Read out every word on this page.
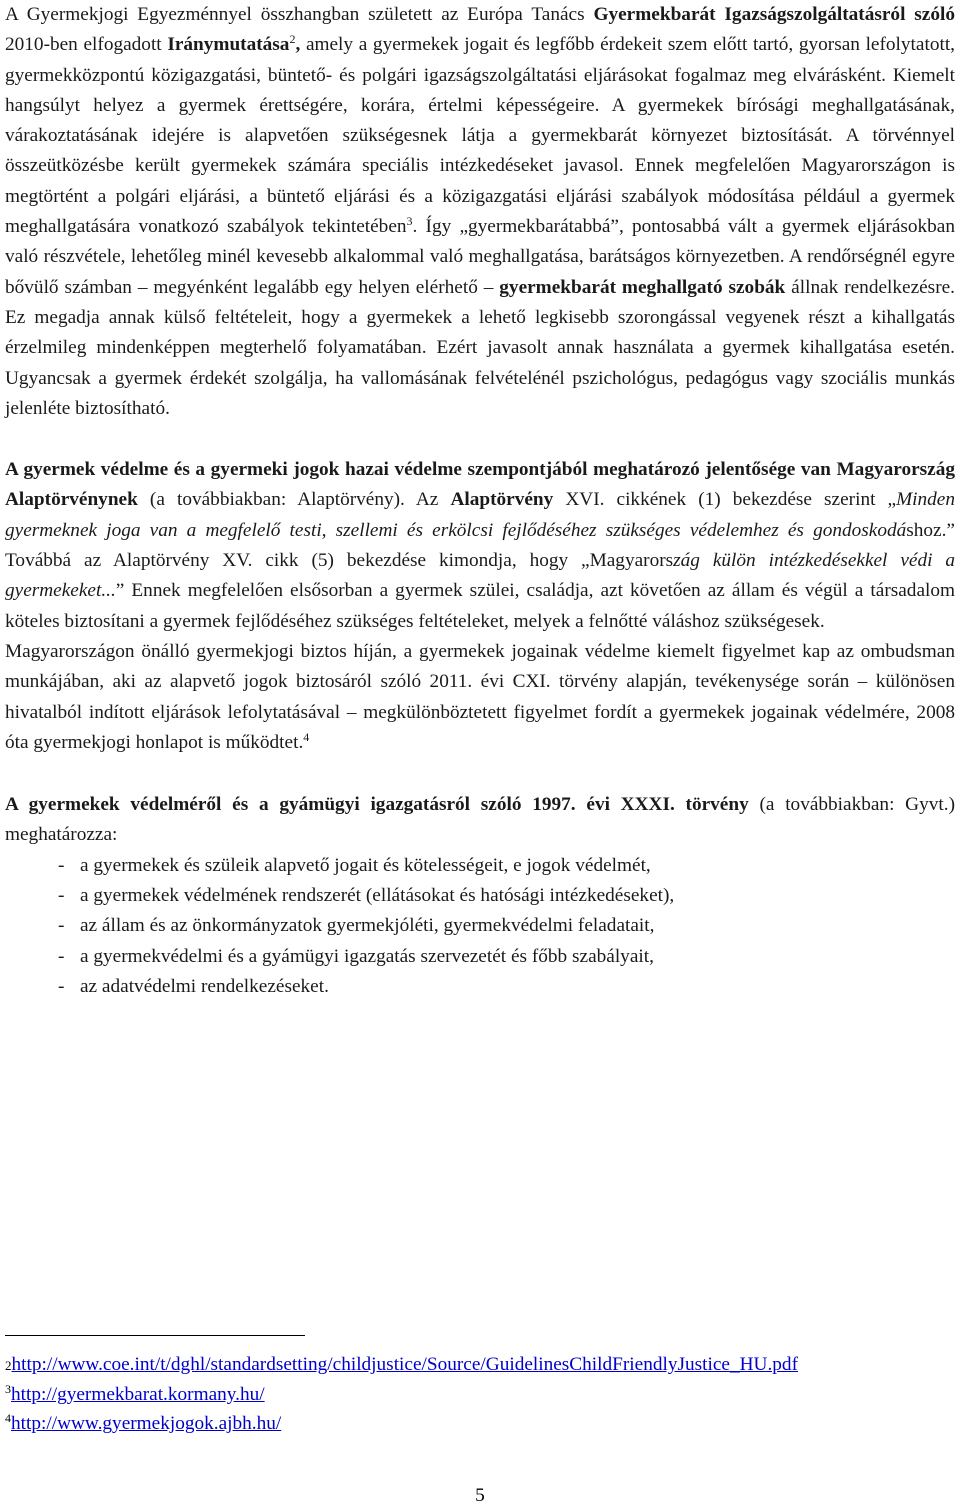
A Gyermekjogi Egyezménnyel összhangban született az Európa Tanács Gyermekbarát Igazságszolgáltatásról szóló 2010-ben elfogadott Iránymutatása$^2$, amely a gyermekek jogait és legfőbb érdekeit szem előtt tartó, gyorsan lefolytatott, gyermekközpontú közigazgatási, büntető- és polgári igazságszolgáltatási eljárásokat fogalmaz meg elvárásként. Kiemelt hangsúlyt helyez a gyermek érettségére, korára, értelmi képességeire. A gyermekek bírósági meghallgatásának, várakoztatásának idejére is alapvetően szükségesnek látja a gyermekbarát környezet biztosítását. A törvénnyel összeütközésbe került gyermekek számára speciális intézkedéseket javasol. Ennek megfelelően Magyarországon is megtörtént a polgári eljárási, a büntető eljárási és a közigazgatási eljárási szabályok módosítása például a gyermek meghallgatására vonatkozó szabályok tekintetében$^3$. Így „gyermekbarátabbá”, pontosabbá vált a gyermek eljárásokban való részvétele, lehetőleg minél kevesebb alkalommal való meghallgatása, barátságos környezetben. A rendőrségnél egyre bővülő számban – megyénként legalább egy helyen elérhető – gyermekbarát meghallgató szobák állnak rendelkezésre. Ez megadja annak külső feltételeit, hogy a gyermekek a lehető legkisebb szorongással vegyenek részt a kihallgatás érzelmileg mindenképpen megterhelő folyamatában. Ezért javasolt annak használata a gyermek kihallgatása esetén. Ugyancsak a gyermek érdekét szolgálja, ha vallomásának felvételénél pszichológus, pedagógus vagy szociális munkás jelenléte biztosítható.

A gyermek védelme és a gyermeki jogok hazai védelme szempontjából meghatározó jelentősége van Magyarország Alaptörvénynek (a továbbiakban: Alaptörvény). Az Alaptörvény XVI. cikkének (1) bekezdése szerint „Minden gyermeknek joga van a megfelelő testi, szellemi és erkölcsi fejlődéséhez szükséges védelemhez és gondoskodáshoz.” Továbbá az Alaptörvény XV. cikk (5) bekezdése kimondja, hogy „Magyarország külön intézkedésekkel védi a gyermekeket...” Ennek megfelelően elsősorban a gyermek szülei, családja, azt követően az állam és végül a társadalom köteles biztosítani a gyermek fejlődéséhez szükséges feltételeket, melyek a felnőtté váláshoz szükségesek.

Magyarországon önálló gyermekjogi biztos híján, a gyermekek jogainak védelme kiemelt figyelmet kap az ombudsman munkájában, aki az alapvető jogok biztosáról szóló 2011. évi CXI. törvény alapján, tevékenysége során – különösen hivatalból indított eljárások lefolytatásával – megkülönböztetett figyelmet fordít a gyermekek jogainak védelmére, 2008 óta gyermekjogi honlapot is működtet.$^4$

A gyermekek védelméről és a gyámügyi igazgatásról szóló 1997. évi XXXI. törvény (a továbbiakban: Gyvt.) meghatározza:

- a gyermekek és szüleik alapvető jogait és kötelességeit, e jogok védelmét,
- a gyermekek védelmének rendszerét (ellátásokat és hatósági intézkedéseket),
- az állam és az önkormányzatok gyermekjóléti, gyermekvédelmi feladatait,
- a gyermekvédelmi és a gyámügyi igazgatás szervezetét és főbb szabályait,
- az adatvédelmi rendelkezéseket.

2http://www.coe.int/t/dghl/standardsetting/childjustice/Source/GuidelinesChildFriendlyJustice_HU.pdf

$^3$http://gyermekbarat.kormany.hu/

$^4$http://www.gyermekjogok.ajbh.hu/

5
